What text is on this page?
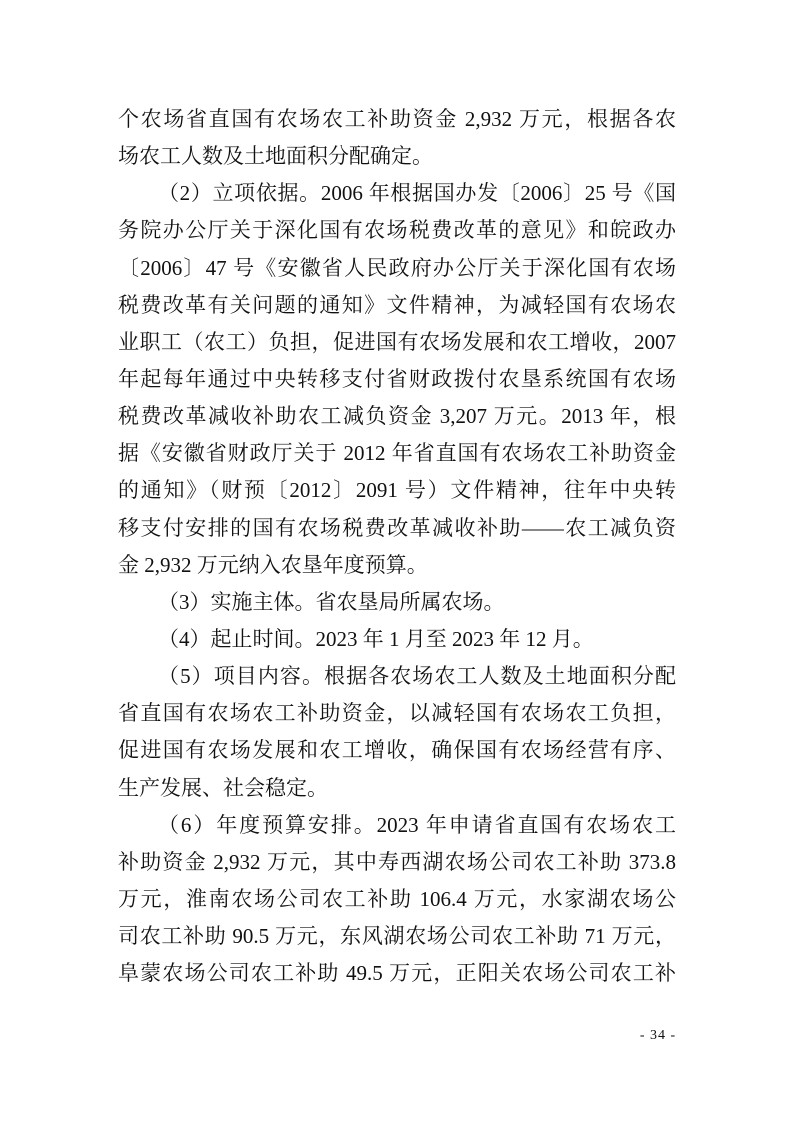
个农场省直国有农场农工补助资金 2,932 万元，根据各农
场农工人数及土地面积分配确定。
（2）立项依据。2006 年根据国办发〔2006〕25 号《国
务院办公厅关于深化国有农场税费改革的意见》和皖政办
〔2006〕47 号《安徽省人民政府办公厅关于深化国有农场
税费改革有关问题的通知》文件精神，为减轻国有农场农
业职工（农工）负担，促进国有农场发展和农工增收，2007
年起每年通过中央转移支付省财政拨付农垦系统国有农场
税费改革减收补助农工减负资金 3,207 万元。2013 年，根
据《安徽省财政厅关于 2012 年省直国有农场农工补助资金
的通知》（财预〔2012〕2091 号）文件精神，往年中央转
移支付安排的国有农场税费改革减收补助——农工减负资
金 2,932 万元纳入农垦年度预算。
（3）实施主体。省农垦局所属农场。
（4）起止时间。2023 年 1 月至 2023 年 12 月。
（5）项目内容。根据各农场农工人数及土地面积分配
省直国有农场农工补助资金，以减轻国有农场农工负担，
促进国有农场发展和农工增收，确保国有农场经营有序、
生产发展、社会稳定。
（6）年度预算安排。2023 年申请省直国有农场农工
补助资金 2,932 万元，其中寿西湖农场公司农工补助 373.8
万元，淮南农场公司农工补助 106.4 万元，水家湖农场公
司农工补助 90.5 万元，东风湖农场公司农工补助 71 万元，
阜蒙农场公司农工补助 49.5 万元，正阳关农场公司农工补
- 34 -
